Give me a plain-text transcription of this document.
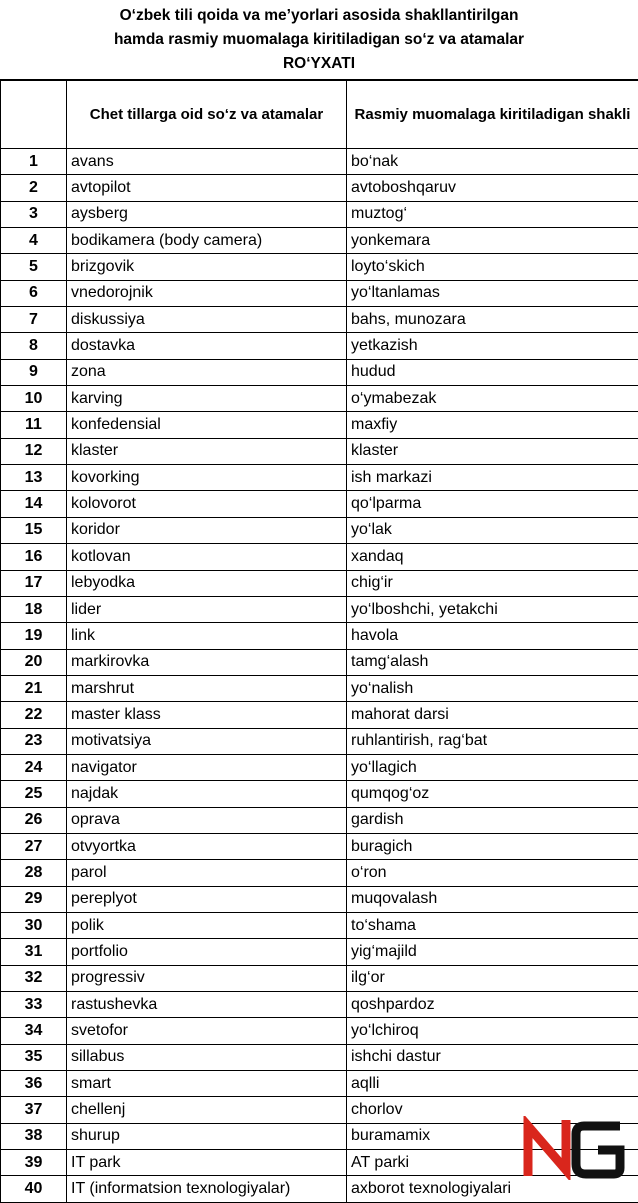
O‘zbek tili qoida va me’yorlari asosida shakllantirilgan
hamda rasmiy muomalaga kiritiladigan so‘z va atamalar
RO‘YXATI
	Chet tillarga oid so‘z va atamalar	Rasmiy muomalaga kiritiladigan shakli
1	avans	bo‘nak
2	avtopilot	avtoboshqaruv
3	aysberg	muztog‘
4	bodikamera (body camera)	yonkemara
5	brizgovik	loyto‘skich
6	vnedorojnik	yo‘ltanlamas
7	diskussiya	bahs, munozara
8	dostavka	yetkazish
9	zona	hudud
10	karving	o‘ymabezak
11	konfedensial	maxfiy
12	klaster	klaster
13	kovorking	ish markazi
14	kolovorot	qo‘lparma
15	koridor	yo‘lak
16	kotlovan	xandaq
17	lebyodka	chig‘ir
18	lider	yo‘lboshchi, yetakchi
19	link	havola
20	markirovka	tamg‘alash
21	marshrut	yo‘nalish
22	master klass	mahorat darsi
23	motivatsiya	ruhlantirish, rag‘bat
24	navigator	yo‘llagich
25	najdak	qumqog‘oz
26	oprava	gardish
27	otvyortka	buragich
28	parol	o‘ron
29	pereplyot	muqovalash
30	polik	to‘shama
31	portfolio	yig‘majild
32	progressiv	ilg‘or
33	rastushevka	qoshpardoz
34	svetofor	yo‘lchiroq
35	sillabus	ishchi dastur
36	smart	aqlli
37	chellenj	chorlov
38	shurup	buramamix
39	IT park	AT parki
40	IT (informatsion texnologiyalar)	axborot texnologiyalari
